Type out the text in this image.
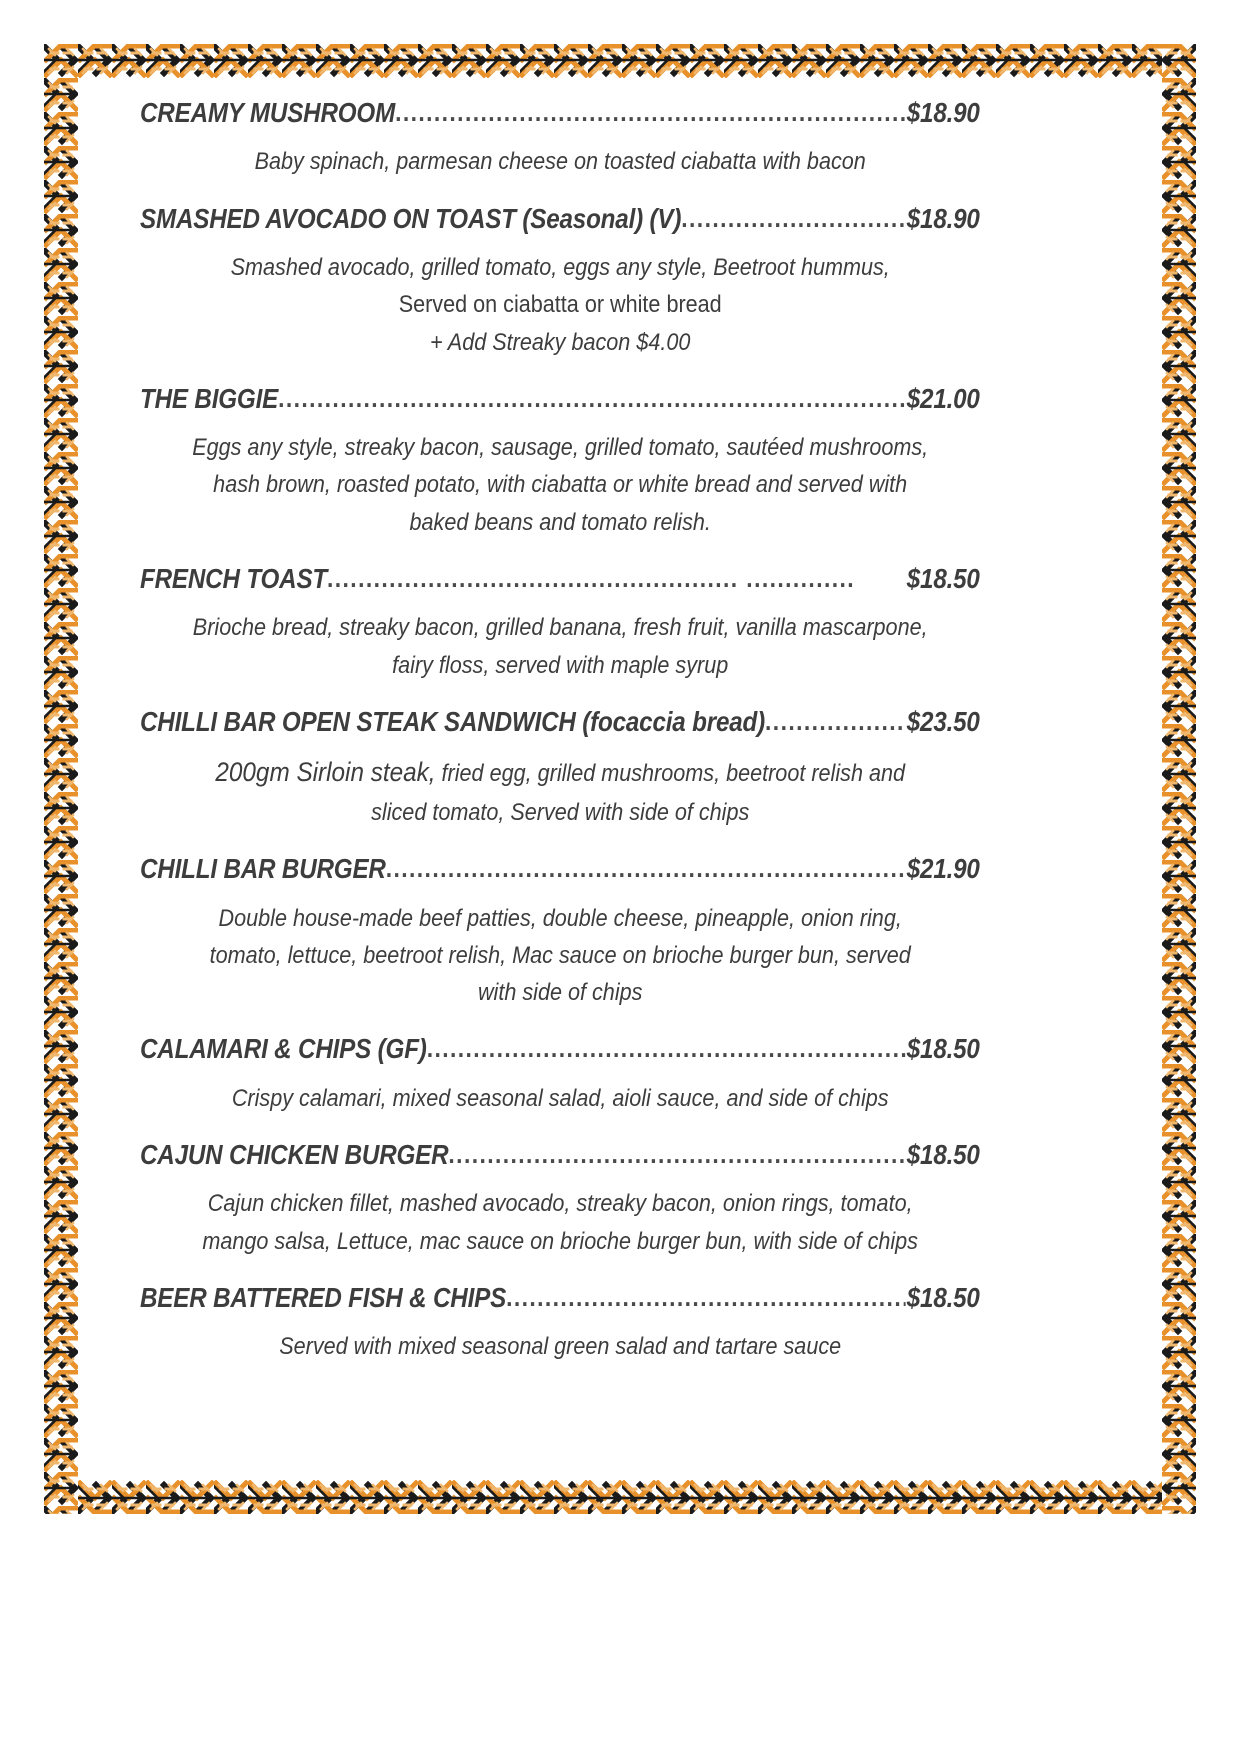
CREAMY MUSHROOM .....	$18.90
Baby spinach, parmesan cheese on toasted ciabatta with bacon
SMASHED AVOCADO ON TOAST (Seasonal) (V) .....	$18.90
Smashed avocado, grilled tomato, eggs any style, Beetroot hummus,
Served on ciabatta or white bread
+ Add Streaky bacon $4.00
THE BIGGIE .....	$21.00
Eggs any style, streaky bacon, sausage, grilled tomato, sautéed mushrooms,
hash brown, roasted potato, with ciabatta or white bread and served with
baked beans and tomato relish.
FRENCH TOAST .....	$18.50
Brioche bread, streaky bacon, grilled banana, fresh fruit, vanilla mascarpone,
fairy floss, served with maple syrup
CHILLI BAR OPEN STEAK SANDWICH (focaccia bread) .....	$23.50
200gm Sirloin steak, fried egg, grilled mushrooms, beetroot relish and
sliced tomato, Served with side of chips
CHILLI BAR BURGER .....	$21.90
Double house-made beef patties, double cheese, pineapple, onion ring,
tomato, lettuce, beetroot relish, Mac sauce on brioche burger bun, served
with side of chips
CALAMARI & CHIPS (GF) .....	$18.50
Crispy calamari, mixed seasonal salad, aioli sauce, and side of chips
CAJUN CHICKEN BURGER .....	$18.50
Cajun chicken fillet, mashed avocado, streaky bacon, onion rings, tomato,
mango salsa, Lettuce, mac sauce on brioche burger bun, with side of chips
BEER BATTERED FISH & CHIPS .....	$18.50
Served with mixed seasonal green salad and tartare sauce
